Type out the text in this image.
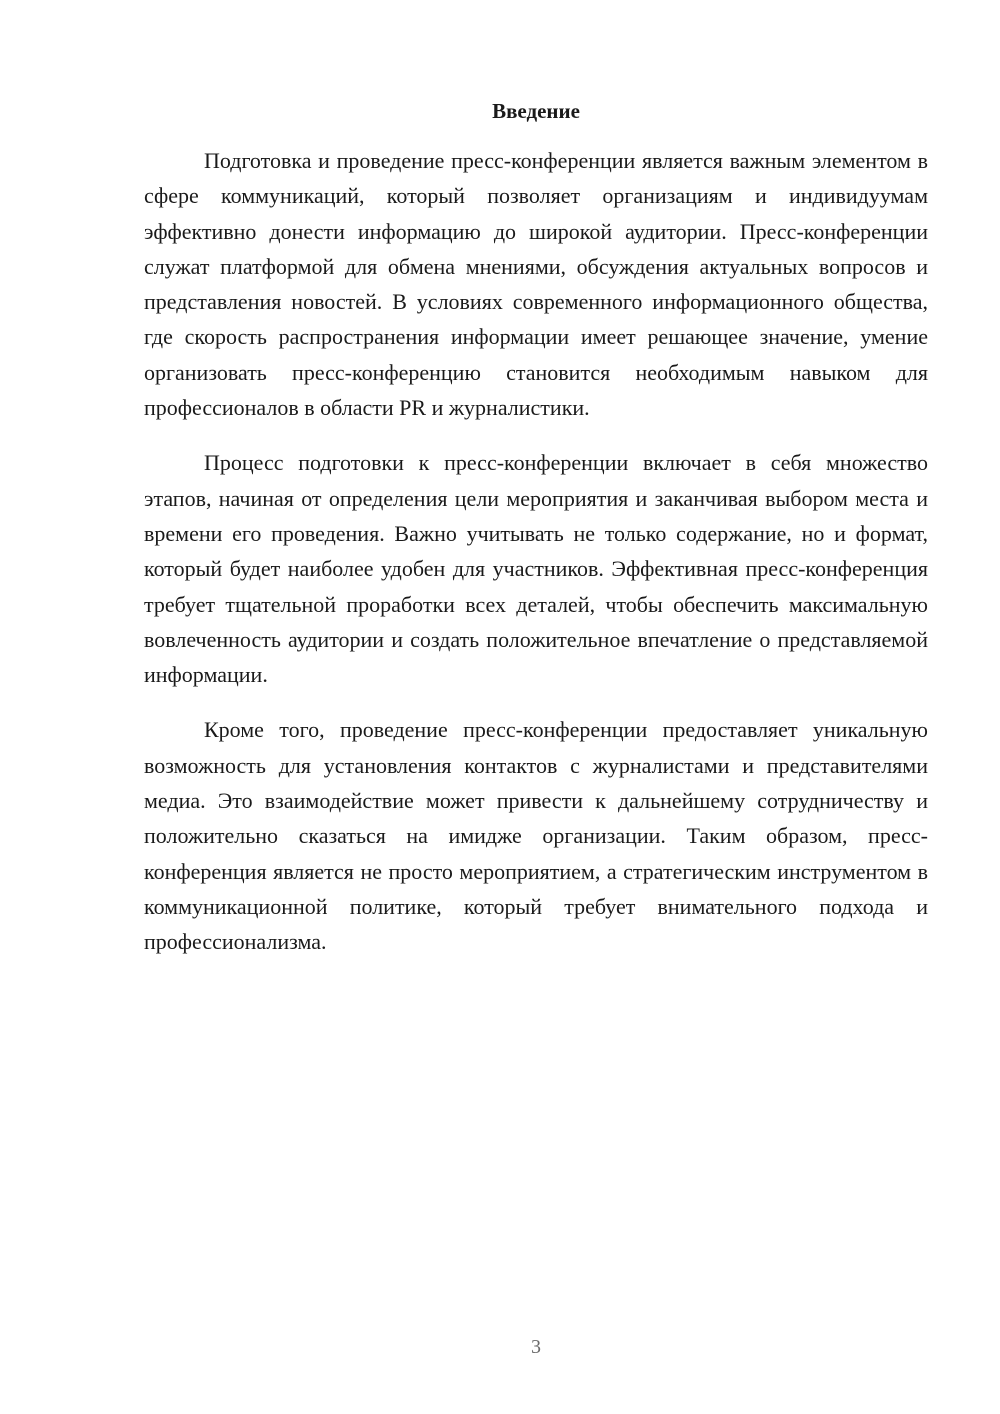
Введение

Подготовка и проведение пресс-конференции является важным элементом в сфере коммуникаций, который позволяет организациям и индивидуумам эффективно донести информацию до широкой аудитории. Пресс-конференции служат платформой для обмена мнениями, обсуждения актуальных вопросов и представления новостей. В условиях современного информационного общества, где скорость распространения информации имеет решающее значение, умение организовать пресс-конференцию становится необходимым навыком для профессионалов в области PR и журналистики.

Процесс подготовки к пресс-конференции включает в себя множество этапов, начиная от определения цели мероприятия и заканчивая выбором места и времени его проведения. Важно учитывать не только содержание, но и формат, который будет наиболее удобен для участников. Эффективная пресс-конференция требует тщательной проработки всех деталей, чтобы обеспечить максимальную вовлеченность аудитории и создать положительное впечатление о представляемой информации.

Кроме того, проведение пресс-конференции предоставляет уникальную возможность для установления контактов с журналистами и представителями медиа. Это взаимодействие может привести к дальнейшему сотрудничеству и положительно сказаться на имидже организации. Таким образом, пресс-конференция является не просто мероприятием, а стратегическим инструментом в коммуникационной политике, который требует внимательного подхода и профессионализма.

3
